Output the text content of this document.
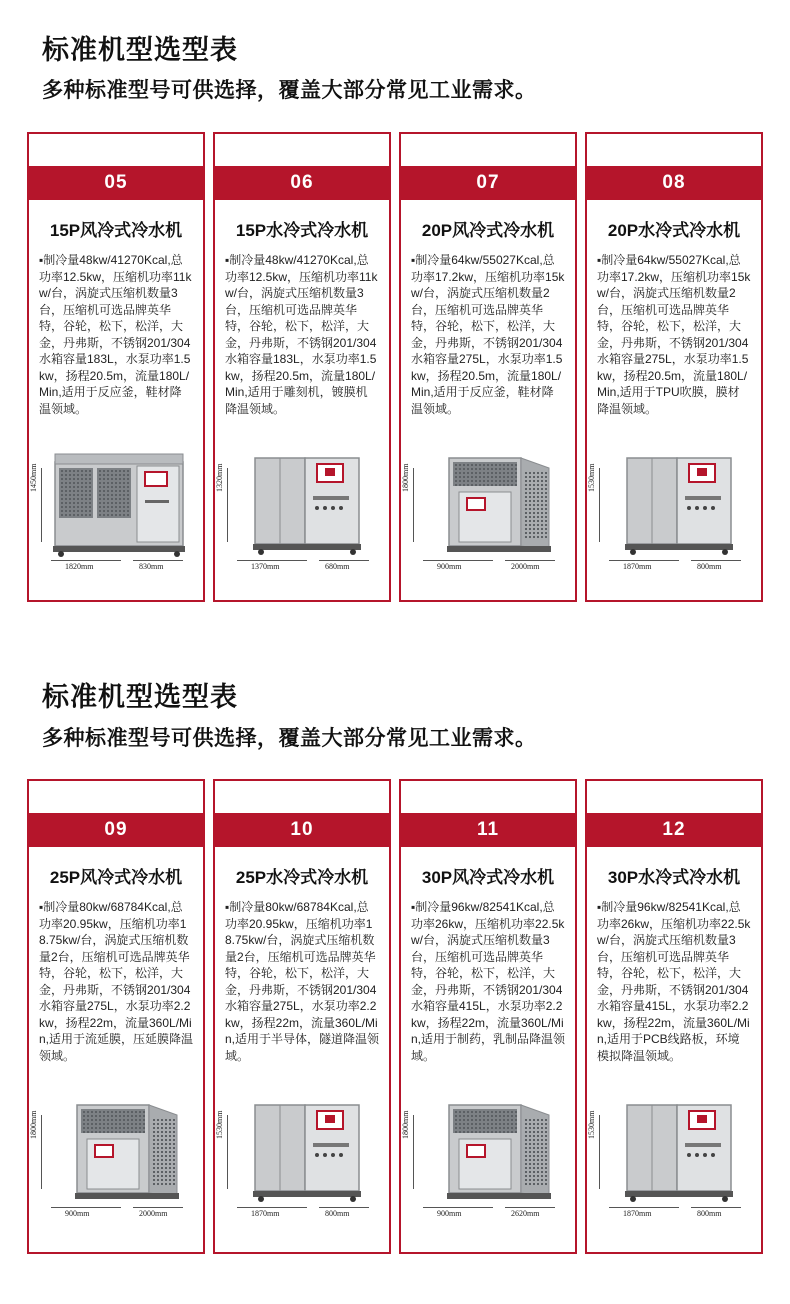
标准机型选型表
多种标准型号可供选择，覆盖大部分常见工业需求。
05
15P风冷式冷水机
▪制冷量48kw/41270Kcal,总功率12.5kw，压缩机功率11kw/台，涡旋式压缩机数量3台，压缩机可选品牌英华特，谷轮，松下，松洋，大金，丹弗斯，不锈钢201/304水箱容量183L，水泵功率1.5kw，扬程20.5m，流量180L/Min,适用于反应釜，鞋材降温领域。
1450mm
1820mm	830mm
06
15P水冷式冷水机
▪制冷量48kw/41270Kcal,总功率12.5kw，压缩机功率11kw/台，涡旋式压缩机数量3台，压缩机可选品牌英华特，谷轮，松下，松洋，大金，丹弗斯，不锈钢201/304水箱容量183L，水泵功率1.5kw，扬程20.5m，流量180L/Min,适用于雕刻机，镀膜机降温领域。
1320mm
1370mm	680mm
07
20P风冷式冷水机
▪制冷量64kw/55027Kcal,总功率17.2kw，压缩机功率15kw/台，涡旋式压缩机数量2台，压缩机可选品牌英华特，谷轮，松下，松洋，大金，丹弗斯，不锈钢201/304水箱容量275L，水泵功率1.5kw，扬程20.5m，流量180L/Min,适用于反应釜，鞋材降温领域。
1800mm
900mm	2000mm
08
20P水冷式冷水机
▪制冷量64kw/55027Kcal,总功率17.2kw，压缩机功率15kw/台，涡旋式压缩机数量2台，压缩机可选品牌英华特，谷轮，松下，松洋，大金，丹弗斯，不锈钢201/304水箱容量275L，水泵功率1.5kw，扬程20.5m，流量180L/Min,适用于TPU吹膜，膜材降温领域。
1530mm
1870mm	800mm
标准机型选型表
多种标准型号可供选择，覆盖大部分常见工业需求。
09
25P风冷式冷水机
▪制冷量80kw/68784Kcal,总功率20.95kw，压缩机功率18.75kw/台，涡旋式压缩机数量2台，压缩机可选品牌英华特，谷轮，松下，松洋，大金，丹弗斯，不锈钢201/304水箱容量275L，水泵功率2.2kw，扬程22m，流量360L/Min,适用于流延膜，压延膜降温领域。
1800mm
900mm	2000mm
10
25P水冷式冷水机
▪制冷量80kw/68784Kcal,总功率20.95kw，压缩机功率18.75kw/台，涡旋式压缩机数量2台，压缩机可选品牌英华特，谷轮，松下，松洋，大金，丹弗斯，不锈钢201/304水箱容量275L，水泵功率2.2kw，扬程22m，流量360L/Min,适用于半导体，隧道降温领域。
1530mm
1870mm	800mm
11
30P风冷式冷水机
▪制冷量96kw/82541Kcal,总功率26kw，压缩机功率22.5kw/台，涡旋式压缩机数量3台，压缩机可选品牌英华特，谷轮，松下，松洋，大金，丹弗斯，不锈钢201/304水箱容量415L，水泵功率2.2kw，扬程22m，流量360L/Min,适用于制药，乳制品降温领域。
1800mm
900mm	2620mm
12
30P水冷式冷水机
▪制冷量96kw/82541Kcal,总功率26kw，压缩机功率22.5kw/台，涡旋式压缩机数量3台，压缩机可选品牌英华特，谷轮，松下，松洋，大金，丹弗斯，不锈钢201/304水箱容量415L，水泵功率2.2kw，扬程22m，流量360L/Min,适用于PCB线路板，环境模拟降温领域。
1530mm
1870mm	800mm
